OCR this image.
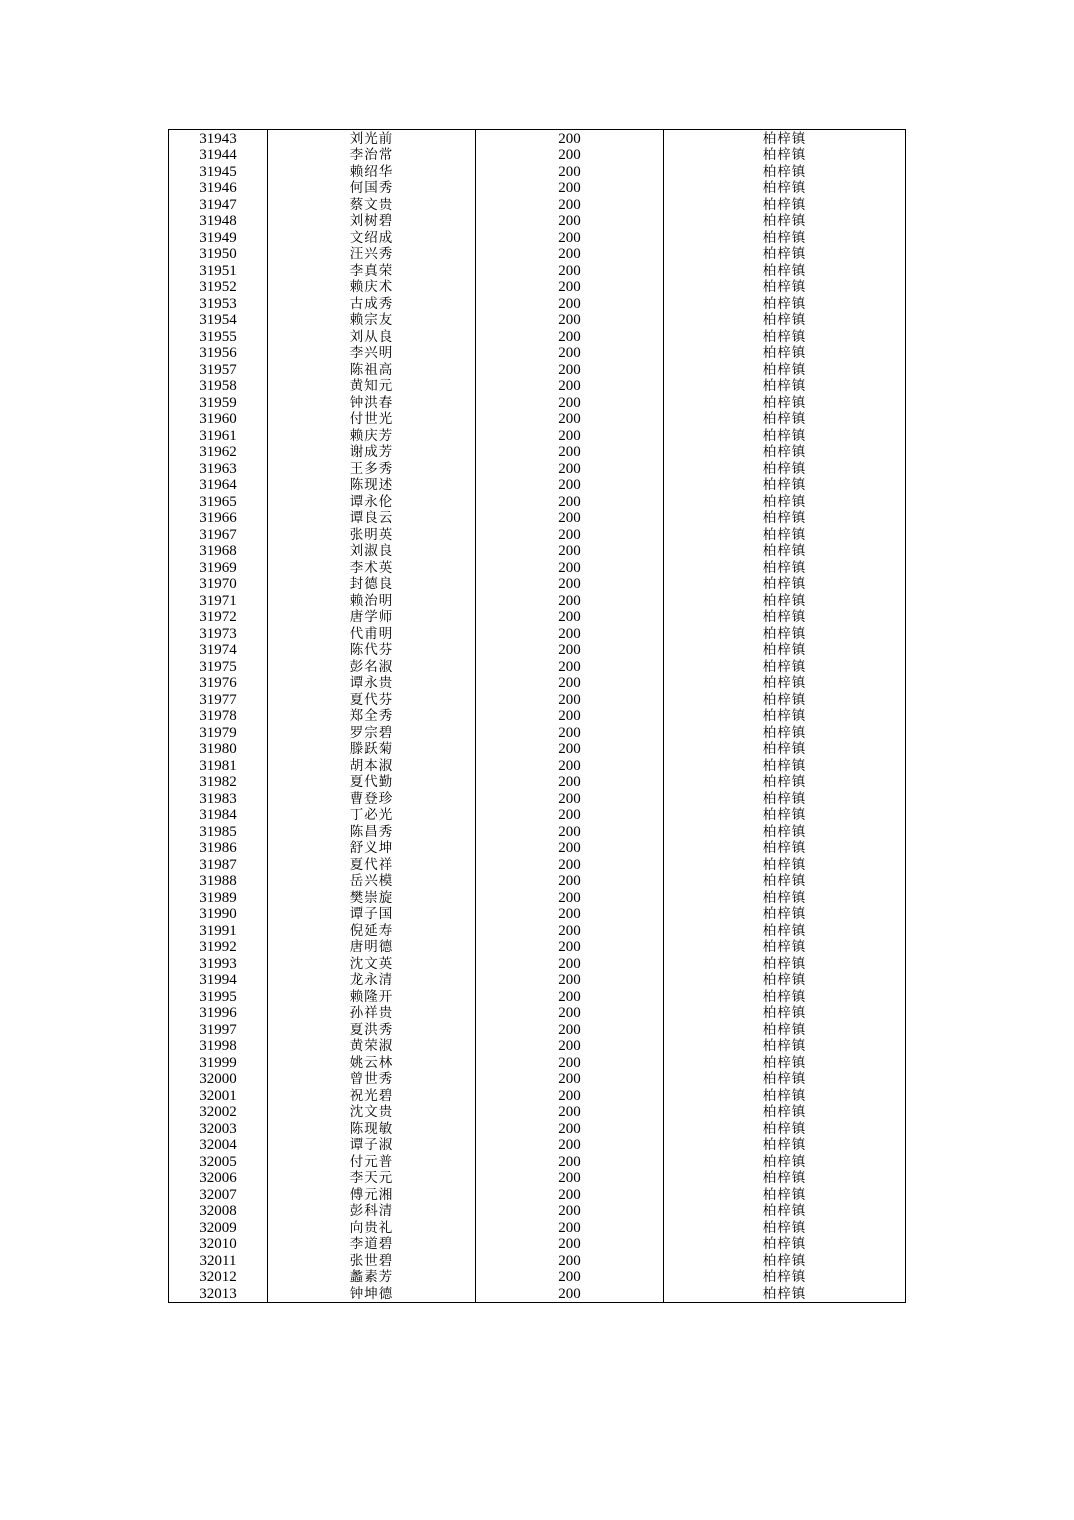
31943	刘光前	200	柏梓镇
31944	李治常	200	柏梓镇
31945	赖绍华	200	柏梓镇
31946	何国秀	200	柏梓镇
31947	蔡文贵	200	柏梓镇
31948	刘树碧	200	柏梓镇
31949	文绍成	200	柏梓镇
31950	汪兴秀	200	柏梓镇
31951	李真荣	200	柏梓镇
31952	赖庆术	200	柏梓镇
31953	古成秀	200	柏梓镇
31954	赖宗友	200	柏梓镇
31955	刘从良	200	柏梓镇
31956	李兴明	200	柏梓镇
31957	陈祖高	200	柏梓镇
31958	黄知元	200	柏梓镇
31959	钟洪春	200	柏梓镇
31960	付世光	200	柏梓镇
31961	赖庆芳	200	柏梓镇
31962	谢成芳	200	柏梓镇
31963	王多秀	200	柏梓镇
31964	陈现述	200	柏梓镇
31965	谭永伦	200	柏梓镇
31966	谭良云	200	柏梓镇
31967	张明英	200	柏梓镇
31968	刘淑良	200	柏梓镇
31969	李术英	200	柏梓镇
31970	封德良	200	柏梓镇
31971	赖治明	200	柏梓镇
31972	唐学师	200	柏梓镇
31973	代甫明	200	柏梓镇
31974	陈代芬	200	柏梓镇
31975	彭名淑	200	柏梓镇
31976	谭永贵	200	柏梓镇
31977	夏代芬	200	柏梓镇
31978	郑全秀	200	柏梓镇
31979	罗宗碧	200	柏梓镇
31980	滕跃菊	200	柏梓镇
31981	胡本淑	200	柏梓镇
31982	夏代勤	200	柏梓镇
31983	曹登珍	200	柏梓镇
31984	丁必光	200	柏梓镇
31985	陈昌秀	200	柏梓镇
31986	舒义坤	200	柏梓镇
31987	夏代祥	200	柏梓镇
31988	岳兴模	200	柏梓镇
31989	樊崇旋	200	柏梓镇
31990	谭子国	200	柏梓镇
31991	倪延寿	200	柏梓镇
31992	唐明德	200	柏梓镇
31993	沈文英	200	柏梓镇
31994	龙永清	200	柏梓镇
31995	赖隆开	200	柏梓镇
31996	孙祥贵	200	柏梓镇
31997	夏洪秀	200	柏梓镇
31998	黄荣淑	200	柏梓镇
31999	姚云林	200	柏梓镇
32000	曾世秀	200	柏梓镇
32001	祝光碧	200	柏梓镇
32002	沈文贵	200	柏梓镇
32003	陈现敏	200	柏梓镇
32004	谭子淑	200	柏梓镇
32005	付元普	200	柏梓镇
32006	李天元	200	柏梓镇
32007	傅元湘	200	柏梓镇
32008	彭科清	200	柏梓镇
32009	向贵礼	200	柏梓镇
32010	李道碧	200	柏梓镇
32011	张世碧	200	柏梓镇
32012	蠡素芳	200	柏梓镇
32013	钟坤德	200	柏梓镇
